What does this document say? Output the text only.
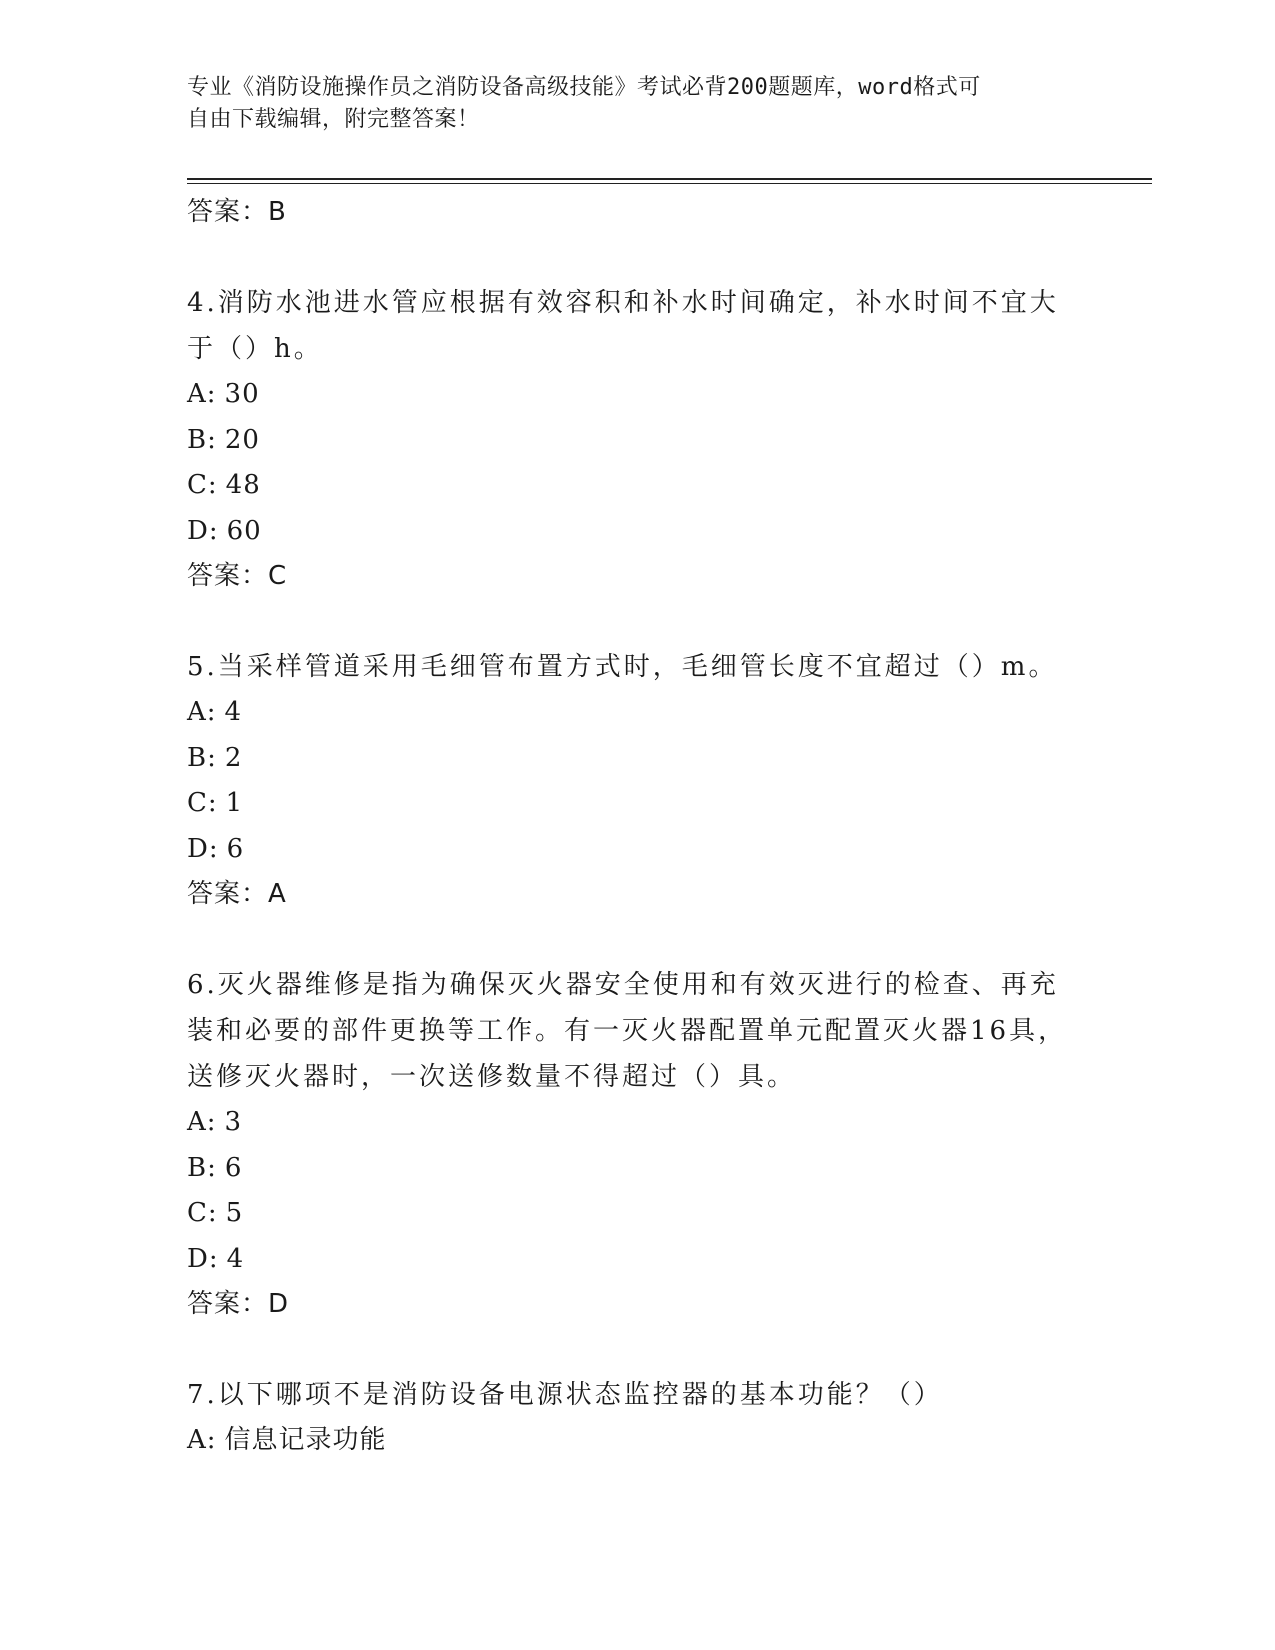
专业《消防设施操作员之消防设备高级技能》考试必背200题题库，word格式可
自由下载编辑，附完整答案！
答案：B
4.消防水池进水管应根据有效容积和补水时间确定，补水时间不宜大于（）h。
A: 30
B: 20
C: 48
D: 60
答案：C
5.当采样管道采用毛细管布置方式时，毛细管长度不宜超过（）m。
A: 4
B: 2
C: 1
D: 6
答案：A
6.灭火器维修是指为确保灭火器安全使用和有效灭进行的检查、再充装和必要的部件更换等工作。有一灭火器配置单元配置灭火器16具，送修灭火器时，一次送修数量不得超过（）具。
A: 3
B: 6
C: 5
D: 4
答案：D
7.以下哪项不是消防设备电源状态监控器的基本功能？（）
A: 信息记录功能
